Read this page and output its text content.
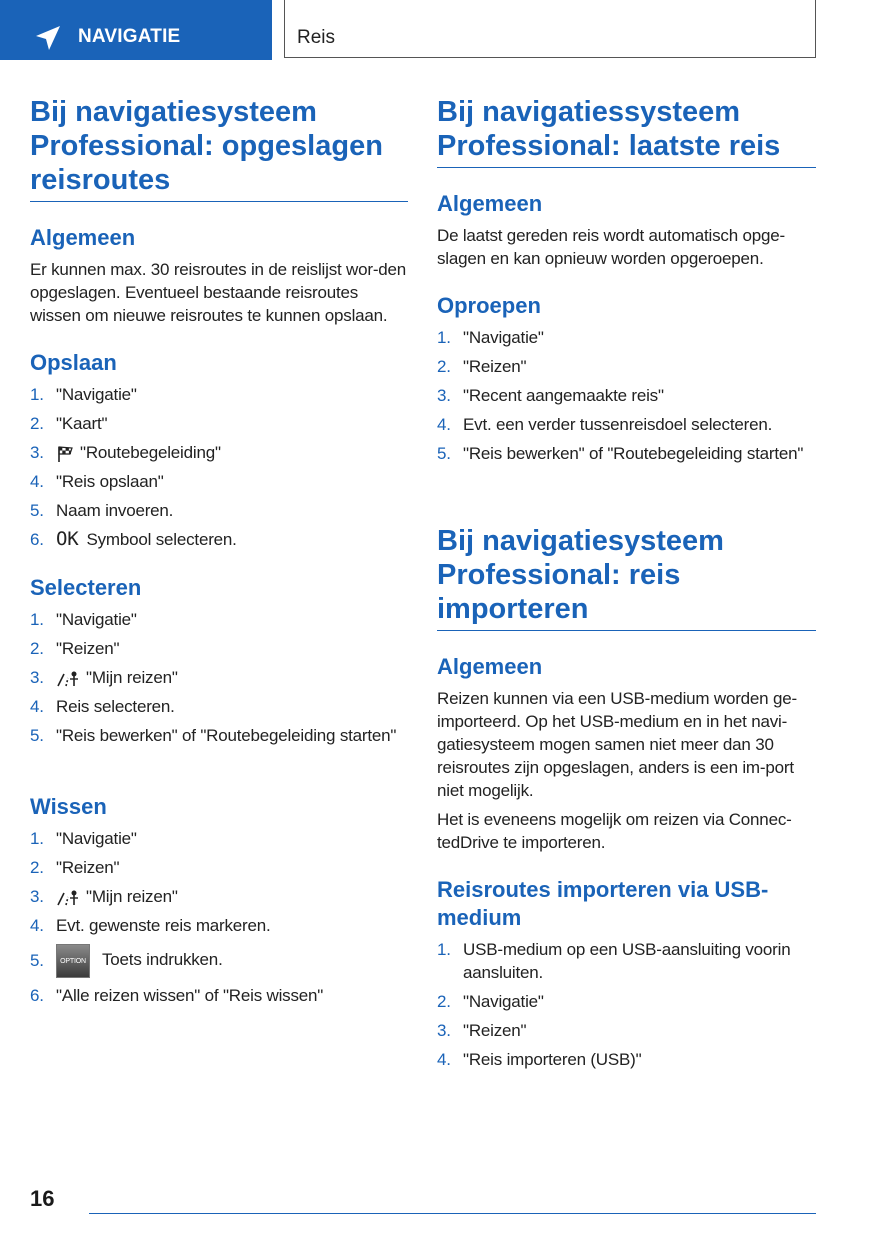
NAVIGATIE	Reis
Bij navigatiesysteem Professional: opgeslagen reisroutes
Algemeen

Er kunnen max. 30 reisroutes in de reislijst wor-den opgeslagen. Eventueel bestaande reisroutes wissen om nieuwe reisroutes te kunnen opslaan.

Opslaan
1. "Navigatie"
2. "Kaart"
3. "Routebegeleiding"
4. "Reis opslaan"
5. Naam invoeren.
6. OK Symbool selecteren.
Selecteren
1. "Navigatie"
2. "Reizen"
3. "Mijn reizen"
4. Reis selecteren.
5. "Reis bewerken" of "Routebegeleiding starten"
Wissen
1. "Navigatie"
2. "Reizen"
3. "Mijn reizen"
4. Evt. gewenste reis markeren.
5. OPTION Toets indrukken.
6. "Alle reizen wissen" of "Reis wissen"
Bij navigatiessysteem Professional: laatste reis
Algemeen

De laatst gereden reis wordt automatisch opge-slagen en kan opnieuw worden opgeroepen.

Oproepen
1. "Navigatie"
2. "Reizen"
3. "Recent aangemaakte reis"
4. Evt. een verder tussenreisdoel selecteren.
5. "Reis bewerken" of "Routebegeleiding starten"
Bij navigatiesysteem Professional: reis importeren
Algemeen

Reizen kunnen via een USB-medium worden ge-importeerd. Op het USB-medium en in het navi-gatiesysteem mogen samen niet meer dan 30 reisroutes zijn opgeslagen, anders is een im-port niet mogelijk.

Het is eveneens mogelijk om reizen via Connec-tedDrive te importeren.

Reisroutes importeren via USB-medium
1. USB-medium op een USB-aansluiting voorin aansluiten.
2. "Navigatie"
3. "Reizen"
4. "Reis importeren (USB)"
16
